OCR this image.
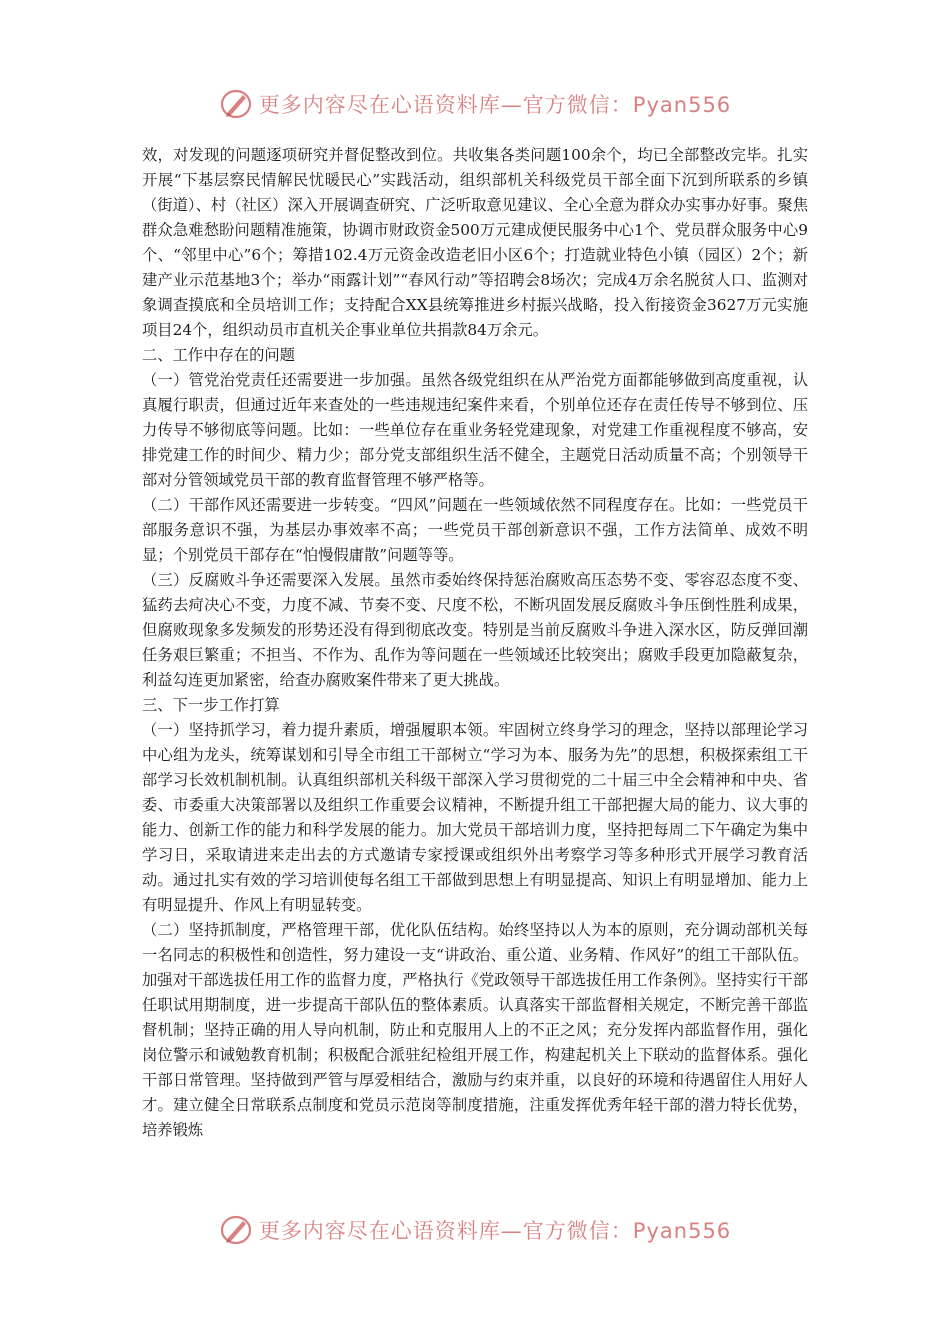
更多内容尽在心语资料库—官方微信：Pyan556

效，对发现的问题逐项研究并督促整改到位。共收集各类问题100余个，均已全部整改完毕。扎实开展“下基层察民情解民忧暖民心”实践活动，组织部机关科级党员干部全面下沉到所联系的乡镇（街道）、村（社区）深入开展调查研究、广泛听取意见建议、全心全意为群众办实事办好事。聚焦群众急难愁盼问题精准施策，协调市财政资金500万元建成便民服务中心1个、党员群众服务中心9个、“邻里中心”6个；筹措102.4万元资金改造老旧小区6个；打造就业特色小镇（园区）2个；新建产业示范基地3个；举办“雨露计划”“春风行动”等招聘会8场次；完成4万余名脱贫人口、监测对象调查摸底和全员培训工作；支持配合XX县统筹推进乡村振兴战略，投入衔接资金3627万元实施项目24个，组织动员市直机关企事业单位共捐款84万余元。

二、工作中存在的问题

（一）管党治党责任还需要进一步加强。虽然各级党组织在从严治党方面都能够做到高度重视，认真履行职责，但通过近年来查处的一些违规违纪案件来看，个别单位还存在责任传导不够到位、压力传导不够彻底等问题。比如：一些单位存在重业务轻党建现象，对党建工作重视程度不够高，安排党建工作的时间少、精力少；部分党支部组织生活不健全，主题党日活动质量不高；个别领导干部对分管领域党员干部的教育监督管理不够严格等。

（二）干部作风还需要进一步转变。“四风”问题在一些领域依然不同程度存在。比如：一些党员干部服务意识不强，为基层办事效率不高；一些党员干部创新意识不强，工作方法简单、成效不明显；个别党员干部存在“怕慢假庸散”问题等等。

（三）反腐败斗争还需要深入发展。虽然市委始终保持惩治腐败高压态势不变、零容忍态度不变、猛药去疴决心不变，力度不减、节奏不变、尺度不松，不断巩固发展反腐败斗争压倒性胜利成果，但腐败现象多发频发的形势还没有得到彻底改变。特别是当前反腐败斗争进入深水区，防反弹回潮任务艰巨繁重；不担当、不作为、乱作为等问题在一些领域还比较突出；腐败手段更加隐蔽复杂，利益勾连更加紧密，给查办腐败案件带来了更大挑战。

三、下一步工作打算

（一）坚持抓学习，着力提升素质，增强履职本领。牢固树立终身学习的理念，坚持以部理论学习中心组为龙头，统筹谋划和引导全市组工干部树立“学习为本、服务为先”的思想，积极探索组工干部学习长效机制机制。认真组织部机关科级干部深入学习贯彻党的二十届三中全会精神和中央、省委、市委重大决策部署以及组织工作重要会议精神，不断提升组工干部把握大局的能力、议大事的能力、创新工作的能力和科学发展的能力。加大党员干部培训力度，坚持把每周二下午确定为集中学习日，采取请进来走出去的方式邀请专家授课或组织外出考察学习等多种形式开展学习教育活动。通过扎实有效的学习培训使每名组工干部做到思想上有明显提高、知识上有明显增加、能力上有明显提升、作风上有明显转变。

（二）坚持抓制度，严格管理干部，优化队伍结构。始终坚持以人为本的原则，充分调动部机关每一名同志的积极性和创造性，努力建设一支“讲政治、重公道、业务精、作风好”的组工干部队伍。加强对干部选拔任用工作的监督力度，严格执行《党政领导干部选拔任用工作条例》。坚持实行干部任职试用期制度，进一步提高干部队伍的整体素质。认真落实干部监督相关规定，不断完善干部监督机制；坚持正确的用人导向机制，防止和克服用人上的不正之风；充分发挥内部监督作用，强化岗位警示和诫勉教育机制；积极配合派驻纪检组开展工作，构建起机关上下联动的监督体系。强化干部日常管理。坚持做到严管与厚爱相结合，激励与约束并重，以良好的环境和待遇留住人用好人才。建立健全日常联系点制度和党员示范岗等制度措施，注重发挥优秀年轻干部的潜力特长优势，培养锻炼

更多内容尽在心语资料库—官方微信：Pyan556
